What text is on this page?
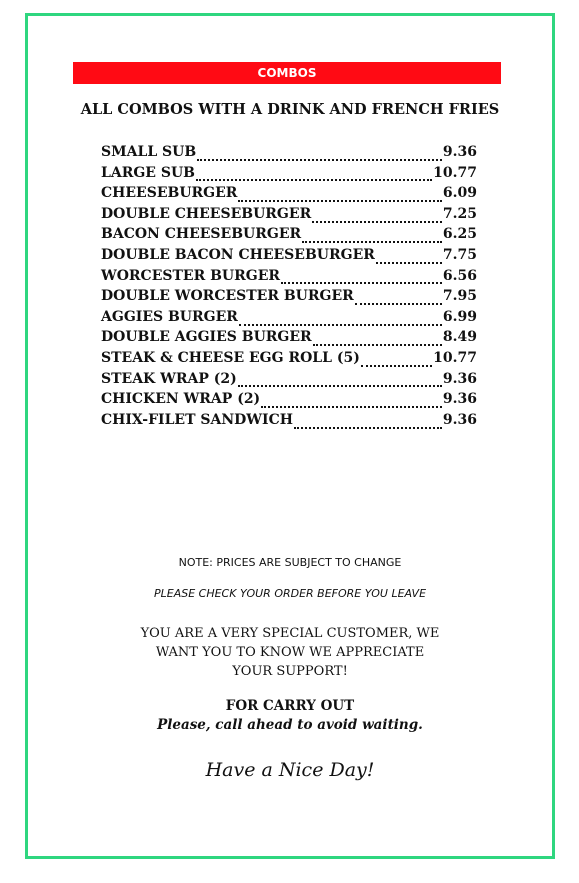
COMBOS
ALL COMBOS WITH A DRINK AND FRENCH FRIES
SMALL SUB	9.36
LARGE SUB	10.77
CHEESEBURGER	6.09
DOUBLE CHEESEBURGER	7.25
BACON CHEESEBURGER	6.25
DOUBLE BACON CHEESEBURGER	7.75
WORCESTER BURGER	6.56
DOUBLE WORCESTER BURGER	7.95
AGGIES BURGER	6.99
DOUBLE AGGIES BURGER	8.49
STEAK & CHEESE EGG ROLL (5)	10.77
STEAK WRAP (2)	9.36
CHICKEN WRAP (2)	9.36
CHIX-FILET SANDWICH	9.36
NOTE: PRICES ARE SUBJECT TO CHANGE
PLEASE CHECK YOUR ORDER BEFORE YOU LEAVE
YOU ARE A VERY SPECIAL CUSTOMER, WE
WANT YOU TO KNOW WE APPRECIATE
YOUR SUPPORT!
FOR CARRY OUT
Please, call ahead to avoid waiting.
Have a Nice Day!
